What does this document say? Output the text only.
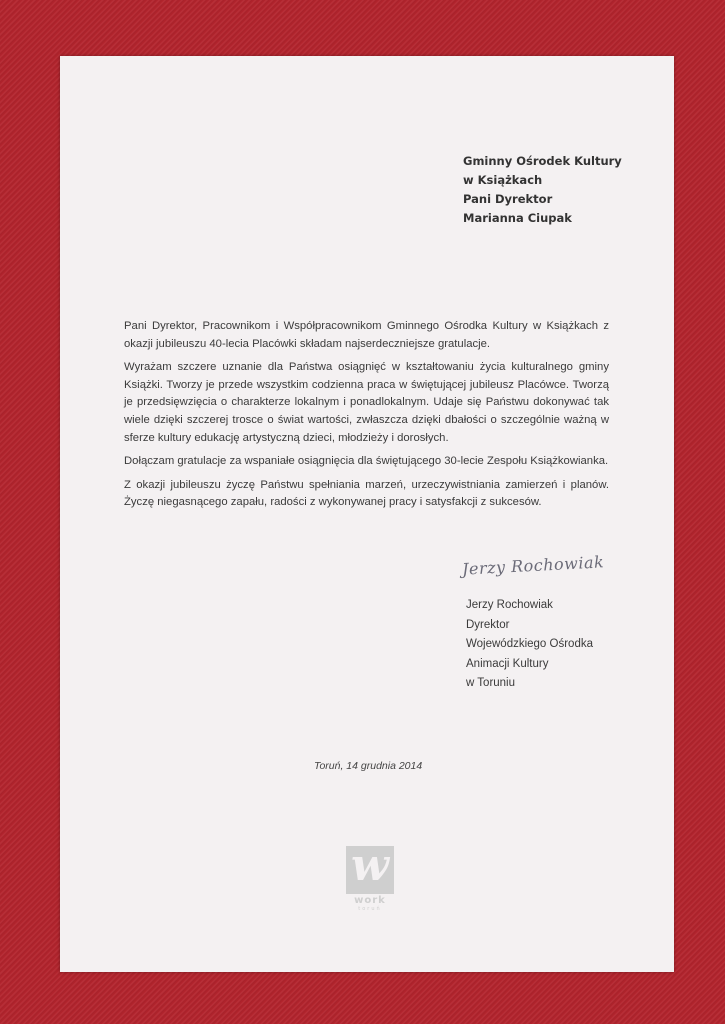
Gminny Ośrodek Kultury
w Książkach
Pani Dyrektor
Marianna Ciupak

Pani Dyrektor, Pracownikom i Współpracownikom Gminnego Ośrodka Kultury w Książkach z okazji jubileuszu 40-lecia Placówki składam najserdeczniejsze gratulacje.

Wyrażam szczere uznanie dla Państwa osiągnięć w kształtowaniu życia kulturalnego gminy Książki. Tworzy je przede wszystkim codzienna praca w świętującej jubileusz Placówce. Tworzą je przedsięwzięcia o charakterze lokalnym i ponadlokalnym. Udaje się Państwu dokonywać tak wiele dzięki szczerej trosce o świat wartości, zwłaszcza dzięki dbałości o szczególnie ważną w sferze kultury edukację artystyczną dzieci, młodzieży i dorosłych.

Dołączam gratulacje za wspaniałe osiągnięcia dla świętującego 30-lecie Zespołu Książkowianka.

Z okazji jubileuszu życzę Państwu spełniania marzeń, urzeczywistniania zamierzeń i planów. Życzę niegasnącego zapału, radości z wykonywanej pracy i satysfakcji z sukcesów.

Jerzy Rochowiak
Jerzy Rochowiak
Dyrektor
Wojewódzkiego Ośrodka
Animacji Kultury
w Toruniu
Toruń, 14 grudnia 2014
w
work
toruń
